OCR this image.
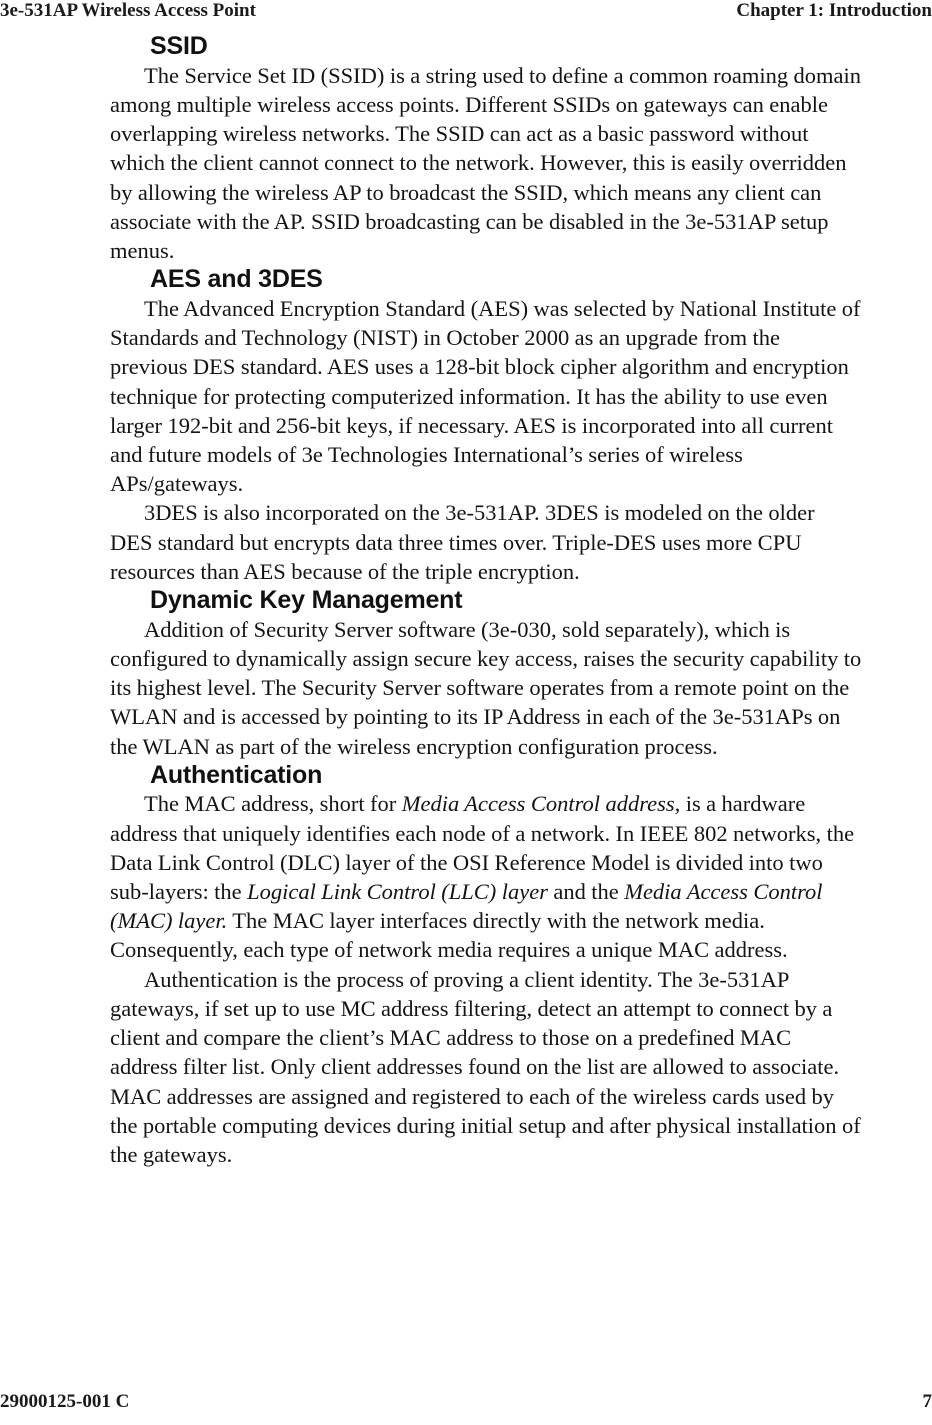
3e-531AP Wireless Access Point	Chapter 1: Introduction
SSID

The Service Set ID (SSID) is a string used to define a common roaming domain among multiple wireless access points. Different SSIDs on gateways can enable overlapping wireless networks. The SSID can act as a basic password without which the client cannot connect to the network. However, this is easily overridden by allowing the wireless AP to broadcast the SSID, which means any client can associate with the AP. SSID broadcasting can be disabled in the 3e-531AP setup menus.

AES and 3DES

The Advanced Encryption Standard (AES) was selected by National Institute of Standards and Technology (NIST) in October 2000 as an upgrade from the previous DES standard. AES uses a 128-bit block cipher algorithm and encryption technique for protecting computerized information. It has the ability to use even larger 192-bit and 256-bit keys, if necessary. AES is incorporated into all current and future models of 3e Technologies International’s series of wireless APs/gateways.

3DES is also incorporated on the 3e-531AP. 3DES is modeled on the older DES standard but encrypts data three times over. Triple-DES uses more CPU resources than AES because of the triple encryption.

Dynamic Key Management

Addition of Security Server software (3e-030, sold separately), which is configured to dynamically assign secure key access, raises the security capability to its highest level. The Security Server software operates from a remote point on the WLAN and is accessed by pointing to its IP Address in each of the 3e-531APs on the WLAN as part of the wireless encryption configuration process.

Authentication

The MAC address, short for Media Access Control address, is a hardware address that uniquely identifies each node of a network. In IEEE 802 networks, the Data Link Control (DLC) layer of the OSI Reference Model is divided into two sub-layers: the Logical Link Control (LLC) layer and the Media Access Control (MAC) layer. The MAC layer interfaces directly with the network media. Consequently, each type of network media requires a unique MAC address.

Authentication is the process of proving a client identity. The 3e-531AP gateways, if set up to use MC address filtering, detect an attempt to connect by a client and compare the client’s MAC address to those on a predefined MAC address filter list. Only client addresses found on the list are allowed to associate. MAC addresses are assigned and registered to each of the wireless cards used by the portable computing devices during initial setup and after physical installation of the gateways.

29000125-001 C	7
